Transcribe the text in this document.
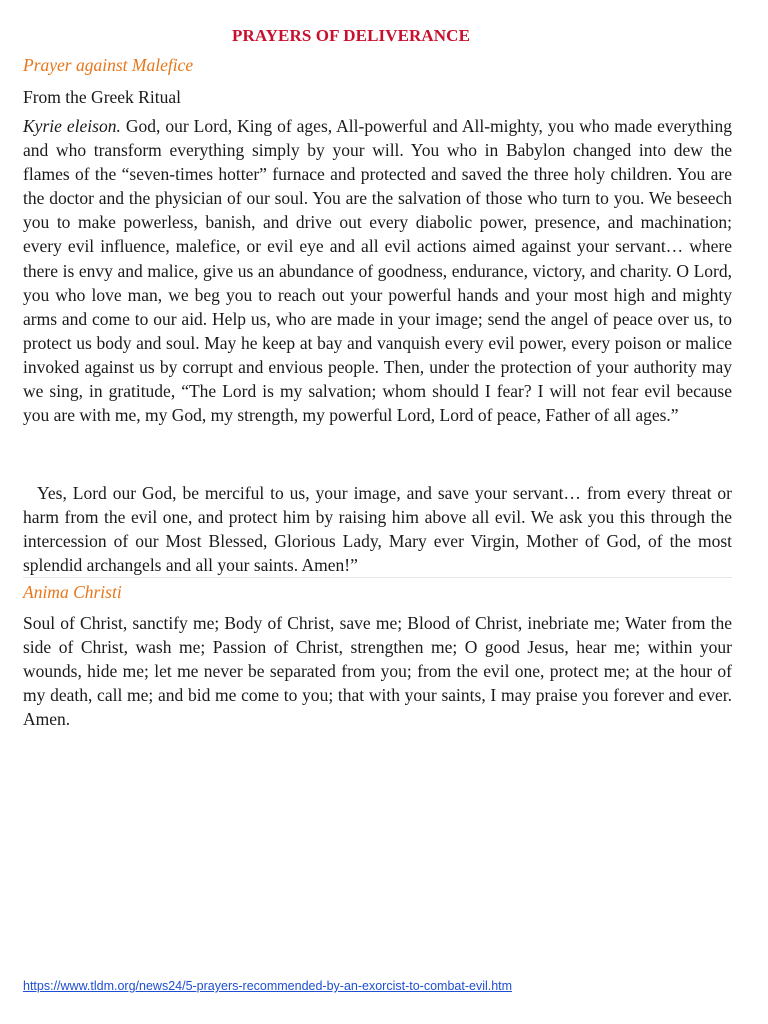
PRAYERS OF DELIVERANCE
Prayer against Malefice

From the Greek Ritual

Kyrie eleison. God, our Lord, King of ages, All-powerful and All-mighty, you who made everything and who transform everything simply by your will. You who in Babylon changed into dew the flames of the “seven-times hotter” furnace and protected and saved the three holy children. You are the doctor and the physician of our soul. You are the salvation of those who turn to you. We beseech you to make powerless, banish, and drive out every diabolic power, presence, and machination; every evil influence, malefice, or evil eye and all evil actions aimed against your servant… where there is envy and malice, give us an abundance of goodness, endurance, victory, and charity. O Lord, you who love man, we beg you to reach out your powerful hands and your most high and mighty arms and come to our aid. Help us, who are made in your image; send the angel of peace over us, to protect us body and soul. May he keep at bay and vanquish every evil power, every poison or malice invoked against us by corrupt and envious people. Then, under the protection of your authority may we sing, in gratitude, “The Lord is my salvation; whom should I fear? I will not fear evil because you are with me, my God, my strength, my powerful Lord, Lord of peace, Father of all ages.”

Yes, Lord our God, be merciful to us, your image, and save your servant… from every threat or harm from the evil one, and protect him by raising him above all evil. We ask you this through the intercession of our Most Blessed, Glorious Lady, Mary ever Virgin, Mother of God, of the most splendid archangels and all your saints. Amen!”

Anima Christi

Soul of Christ, sanctify me; Body of Christ, save me; Blood of Christ, inebriate me; Water from the side of Christ, wash me; Passion of Christ, strengthen me; O good Jesus, hear me; within your wounds, hide me; let me never be separated from you; from the evil one, protect me; at the hour of my death, call me; and bid me come to you; that with your saints, I may praise you forever and ever. Amen.

https://www.tldm.org/news24/5-prayers-recommended-by-an-exorcist-to-combat-evil.htm
